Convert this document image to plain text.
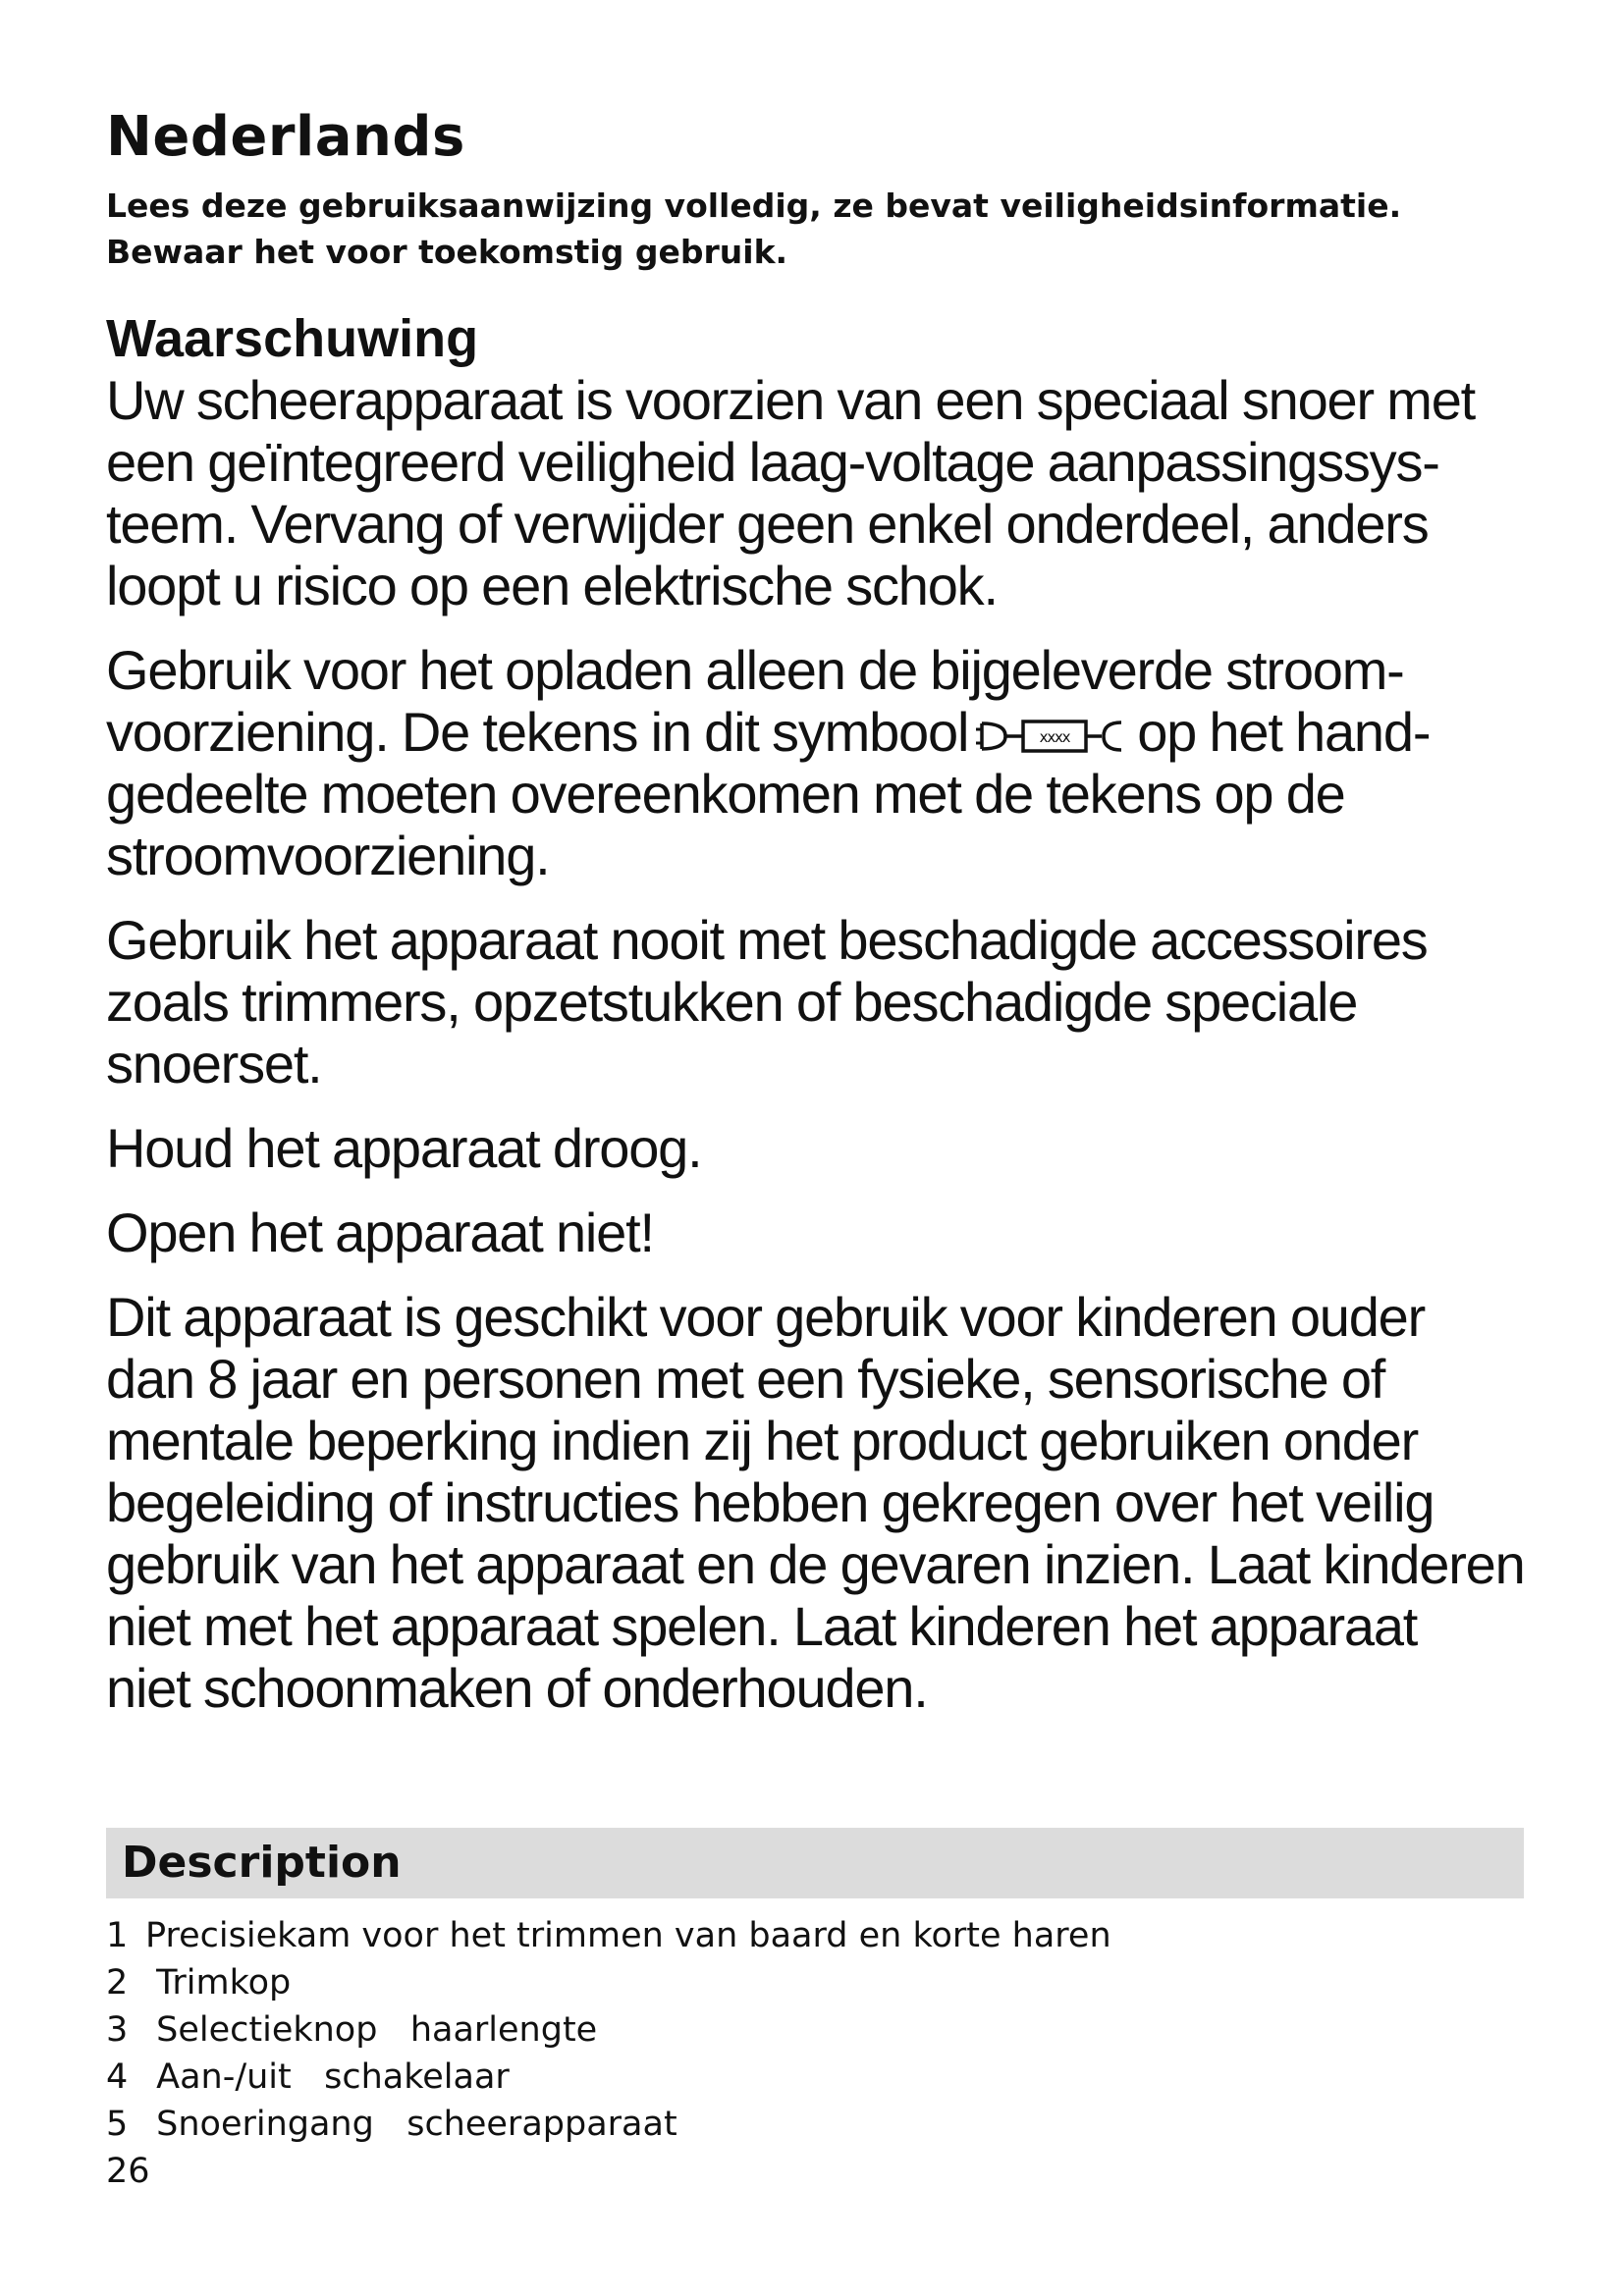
Nederlands

Lees deze gebruiksaanwijzing volledig, ze bevat veiligheidsinformatie.
Bewaar het voor toekomstig gebruik.

Waarschuwing

Uw scheerapparaat is voorzien van een speciaal snoer met
een geïntegreerd veiligheid laag-voltage aanpassingssys-
teem. Vervang of verwijder geen enkel onderdeel, anders
loopt u risico op een elektrische schok.

Gebruik voor het opladen alleen de bijgeleverde stroom-
voorziening. De tekens in dit symbool	xxxx op het hand-
gedeelte moeten overeenkomen met de tekens op de
stroomvoorziening.

Gebruik het apparaat nooit met beschadigde accessoires
zoals trimmers, opzetstukken of beschadigde speciale
snoerset.

Houd het apparaat droog.

Open het apparaat niet!

Dit apparaat is geschikt voor gebruik voor kinderen ouder
dan 8 jaar en personen met een fysieke, sensorische of
mentale beperking indien zij het product gebruiken onder
begeleiding of instructies hebben gekregen over het veilig
gebruik van het apparaat en de gevaren inzien. Laat kinderen
niet met het apparaat spelen. Laat kinderen het apparaat
niet schoonmaken of onderhouden.

Description
1 Precisiekam voor het trimmen van baard en korte haren
2 Trimkop
3 Selectieknop   haarlengte
4 Aan-/uit   schakelaar
5 Snoeringang   scheerapparaat
26
